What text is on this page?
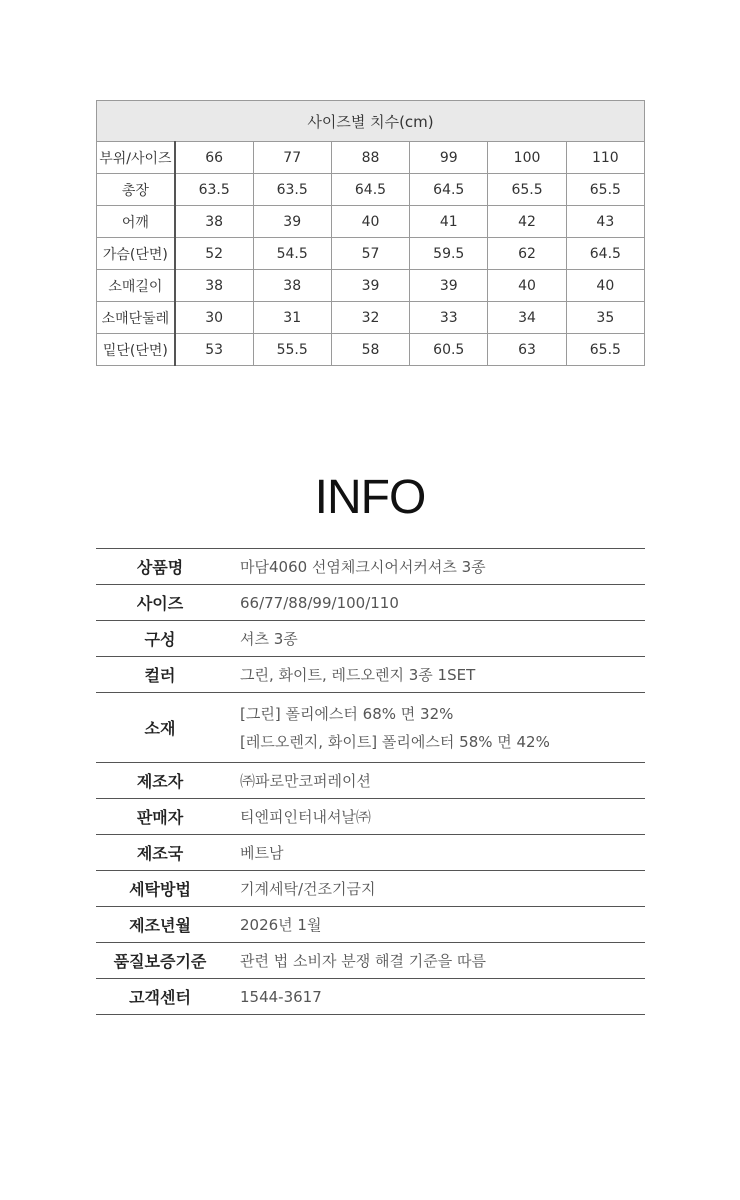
사이즈별 치수(cm)						
부위/사이즈	66	77	88	99	100	110
총장	63.5	63.5	64.5	64.5	65.5	65.5
어깨	38	39	40	41	42	43
가슴(단면)	52	54.5	57	59.5	62	64.5
소매길이	38	38	39	39	40	40
소매단둘레	30	31	32	33	34	35
밑단(단면)	53	55.5	58	60.5	63	65.5
INFO
상품명	마담4060 선염체크시어서커셔츠 3종

사이즈	66/77/88/99/100/110

구성	셔츠 3종

컬러	그린, 화이트, 레드오렌지 3종 1SET

소재	[그린] 폴리에스터 68% 면 32%
[레드오렌지, 화이트] 폴리에스터 58% 면 42%

제조자	㈜파로만코퍼레이션

판매자	티엔피인터내셔날㈜

제조국	베트남

세탁방법	기계세탁/건조기금지

제조년월	2026년 1월

품질보증기준	관련 법 소비자 분쟁 해결 기준을 따름

고객센터	1544-3617
